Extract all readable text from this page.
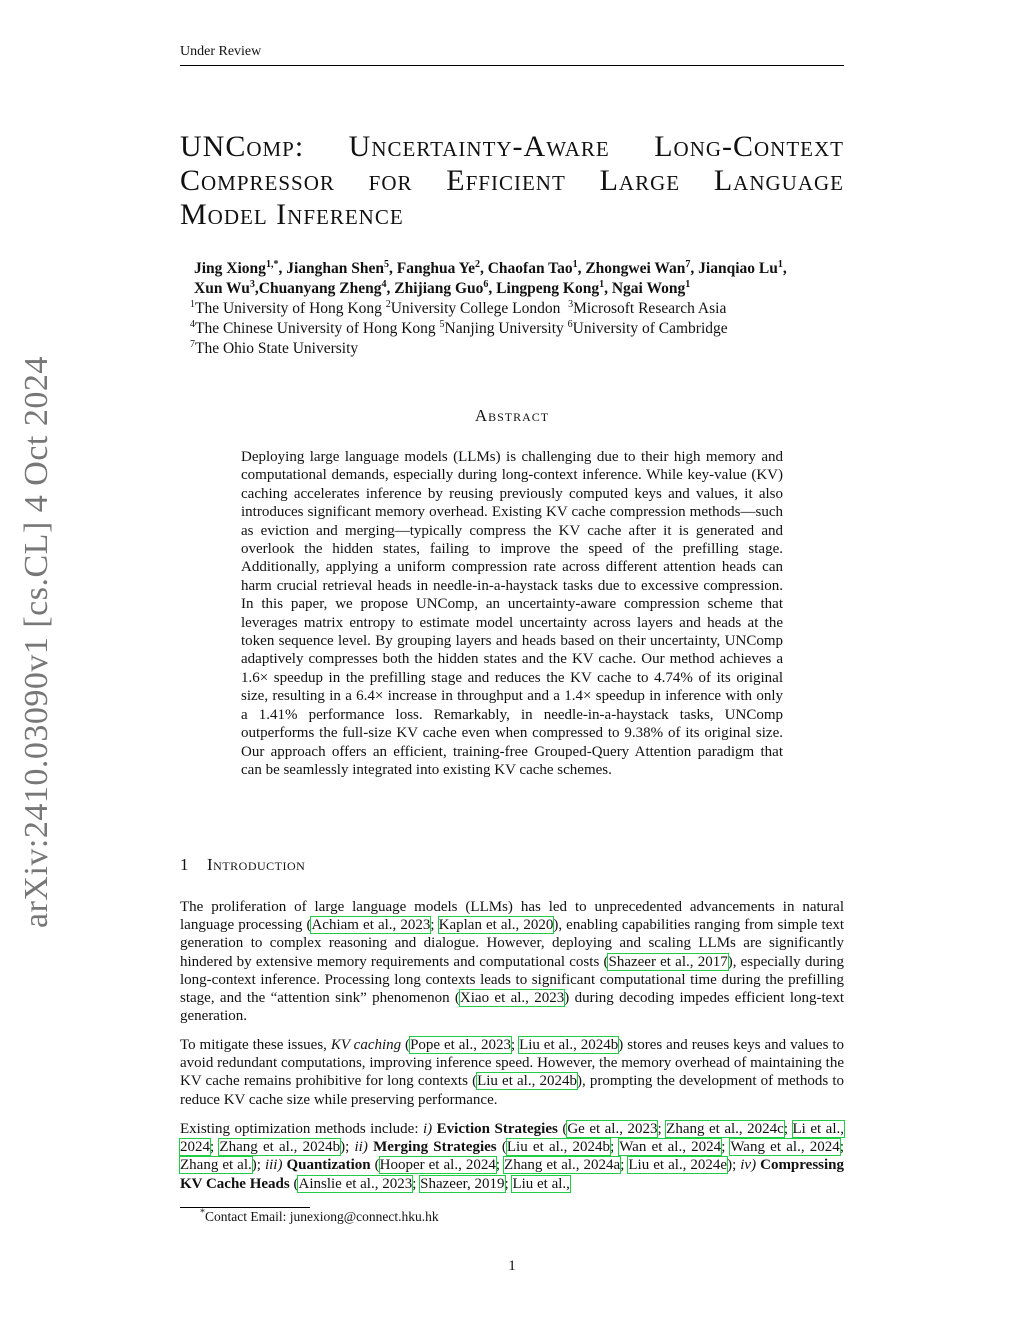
Under Review
arXiv:2410.03090v1 [cs.CL] 4 Oct 2024
UNComp: Uncertainty-Aware Long-Context
Compressor for Efficient Large Language
Model Inference
Jing Xiong$^{1,*}$, Jianghan Shen$^5$, Fanghua Ye$^2$, Chaofan Tao$^1$, Zhongwei Wan$^7$, Jianqiao Lu$^1$,
Xun Wu$^3$,Chuanyang Zheng$^4$, Zhijiang Guo$^6$, Lingpeng Kong$^1$, Ngai Wong$^1$
$^1$The University of Hong Kong $^2$University College London $^3$Microsoft Research Asia
$^4$The Chinese University of Hong Kong $^5$Nanjing University $^6$University of Cambridge
$^7$The Ohio State University
Abstract
Deploying large language models (LLMs) is challenging due to their high memory and computational demands, especially during long-context inference. While key-value (KV) caching accelerates inference by reusing previously computed keys and values, it also introduces significant memory overhead. Existing KV cache compression methods—such as eviction and merging—typically compress the KV cache after it is generated and overlook the hidden states, failing to improve the speed of the prefilling stage. Additionally, applying a uniform compression rate across different attention heads can harm crucial retrieval heads in needle-in-a-haystack tasks due to excessive compression. In this paper, we propose UNComp, an uncertainty-aware compression scheme that leverages matrix entropy to estimate model uncertainty across layers and heads at the token sequence level. By grouping layers and heads based on their uncertainty, UNComp adaptively compresses both the hidden states and the KV cache. Our method achieves a 1.6× speedup in the prefilling stage and reduces the KV cache to 4.74% of its original size, resulting in a 6.4× increase in throughput and a 1.4× speedup in inference with only a 1.41% performance loss. Remarkably, in needle-in-a-haystack tasks, UNComp outperforms the full-size KV cache even when compressed to 9.38% of its original size. Our approach offers an efficient, training-free Grouped-Query Attention paradigm that can be seamlessly integrated into existing KV cache schemes.
1 Introduction
The proliferation of large language models (LLMs) has led to unprecedented advancements in natural language processing (Achiam et al., 2023; Kaplan et al., 2020), enabling capabilities ranging from simple text generation to complex reasoning and dialogue. However, deploying and scaling LLMs are significantly hindered by extensive memory requirements and computational costs (Shazeer et al., 2017), especially during long-context inference. Processing long contexts leads to significant computational time during the prefilling stage, and the “attention sink” phenomenon (Xiao et al., 2023) during decoding impedes efficient long-text generation.
To mitigate these issues, KV caching (Pope et al., 2023; Liu et al., 2024b) stores and reuses keys and values to avoid redundant computations, improving inference speed. However, the memory overhead of maintaining the KV cache remains prohibitive for long contexts (Liu et al., 2024b), prompting the development of methods to reduce KV cache size while preserving performance.
Existing optimization methods include: i) Eviction Strategies (Ge et al., 2023; Zhang et al., 2024c; Li et al., 2024; Zhang et al., 2024b); ii) Merging Strategies (Liu et al., 2024b; Wan et al., 2024; Wang et al., 2024; Zhang et al.); iii) Quantization (Hooper et al., 2024; Zhang et al., 2024a; Liu et al., 2024e); iv) Compressing KV Cache Heads (Ainslie et al., 2023; Shazeer, 2019; Liu et al.,
*Contact Email: junexiong@connect.hku.hk
1
